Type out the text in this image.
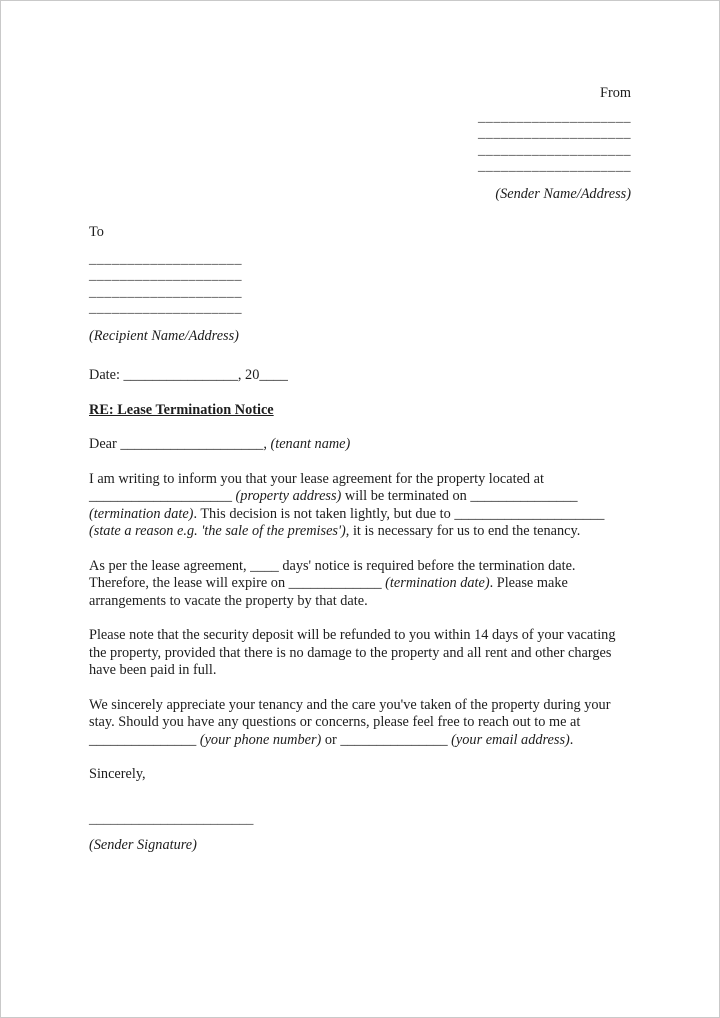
From
____________________
____________________
____________________
____________________
(Sender Name/Address)
To
____________________
____________________
____________________
____________________
(Recipient Name/Address)
Date: ________________, 20____
RE: Lease Termination Notice
Dear ____________________, (tenant name)
I am writing to inform you that your lease agreement for the property located at
____________________ (property address) will be terminated on _______________
(termination date). This decision is not taken lightly, but due to _____________________
(state a reason e.g. 'the sale of the premises'), it is necessary for us to end the tenancy.
As per the lease agreement, ____ days' notice is required before the termination date.
Therefore, the lease will expire on _____________ (termination date). Please make
arrangements to vacate the property by that date.
Please note that the security deposit will be refunded to you within 14 days of your vacating
the property, provided that there is no damage to the property and all rent and other charges
have been paid in full.
We sincerely appreciate your tenancy and the care you've taken of the property during your
stay. Should you have any questions or concerns, please feel free to reach out to me at
_______________ (your phone number) or _______________ (your email address).
Sincerely,
_______________________
(Sender Signature)
